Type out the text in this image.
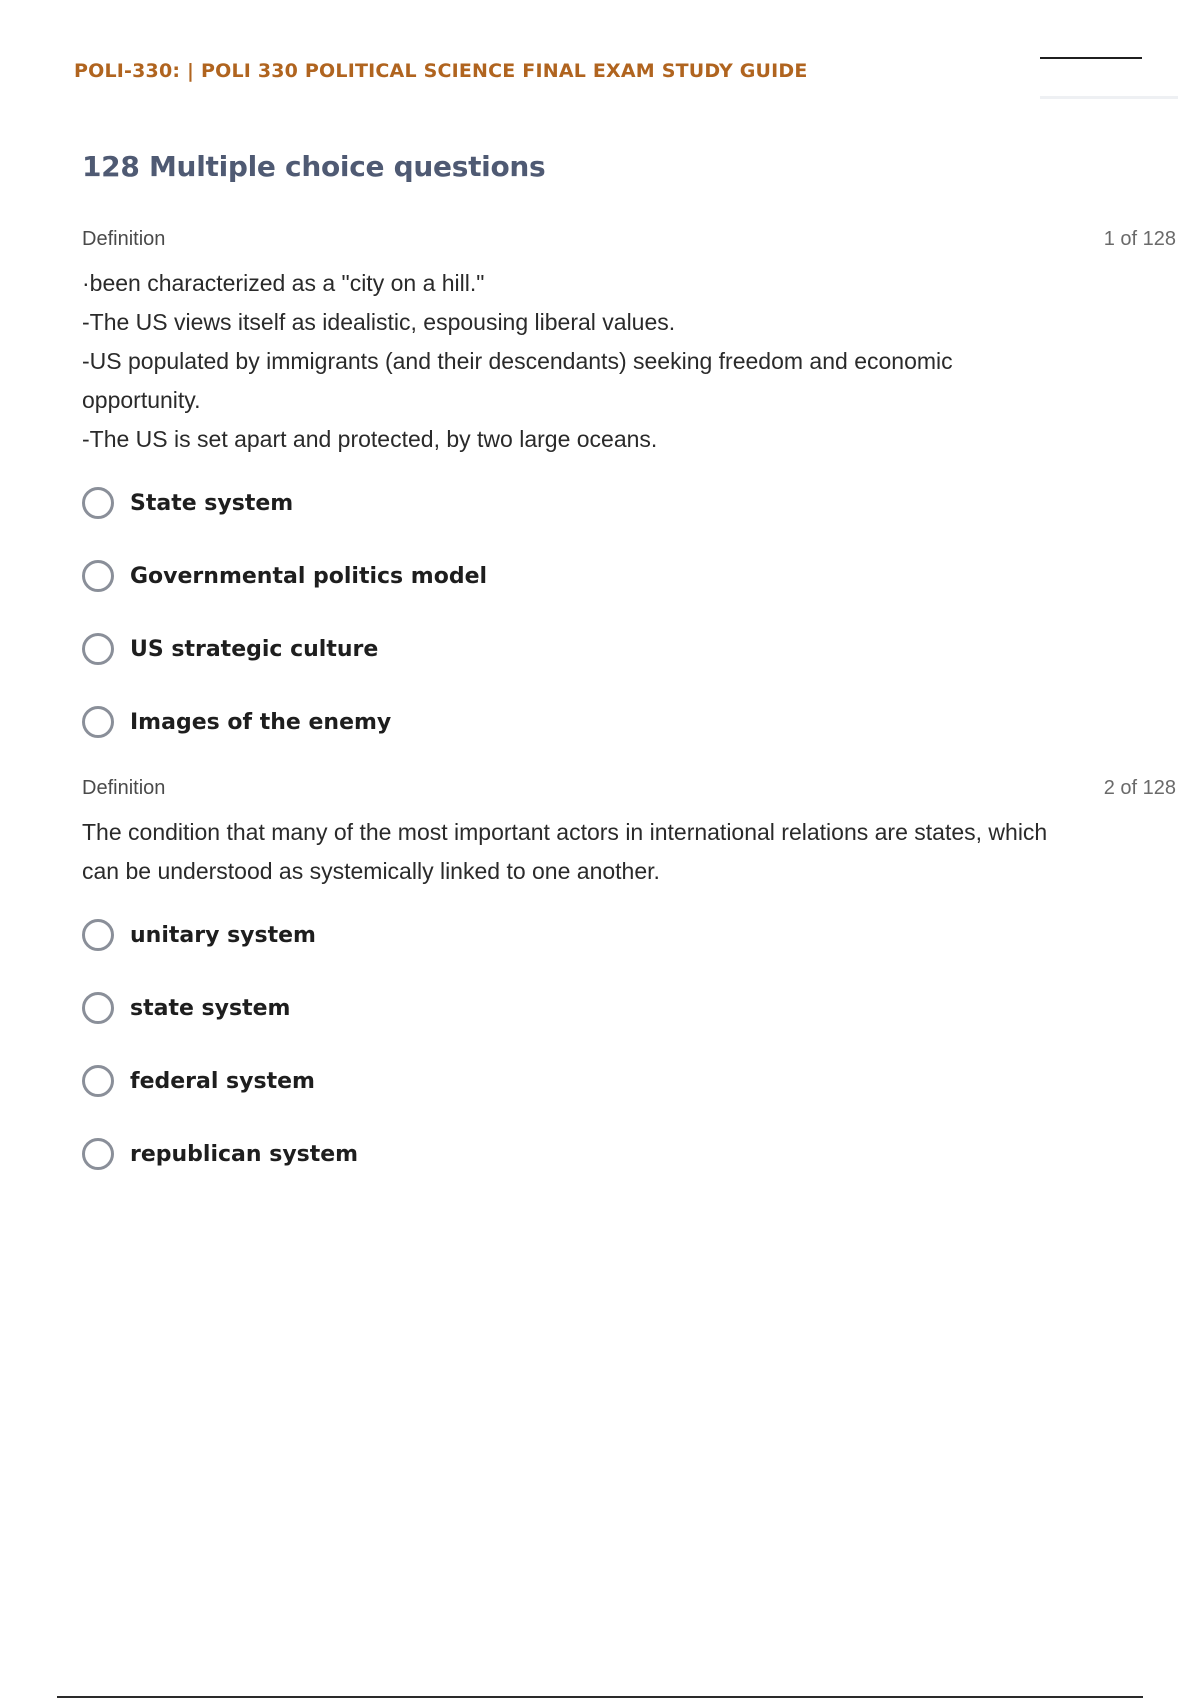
POLI-330: | POLI 330 POLITICAL SCIENCE FINAL EXAM STUDY GUIDE
128 Multiple choice questions
Definition	1 of 128
·been characterized as a "city on a hill."
-The US views itself as idealistic, espousing liberal values.
-US populated by immigrants (and their descendants) seeking freedom and economic
opportunity.
-The US is set apart and protected, by two large oceans.
State system
Governmental politics model
US strategic culture
Images of the enemy
Definition	2 of 128
The condition that many of the most important actors in international relations are states, which
can be understood as systemically linked to one another.
unitary system
state system
federal system
republican system
